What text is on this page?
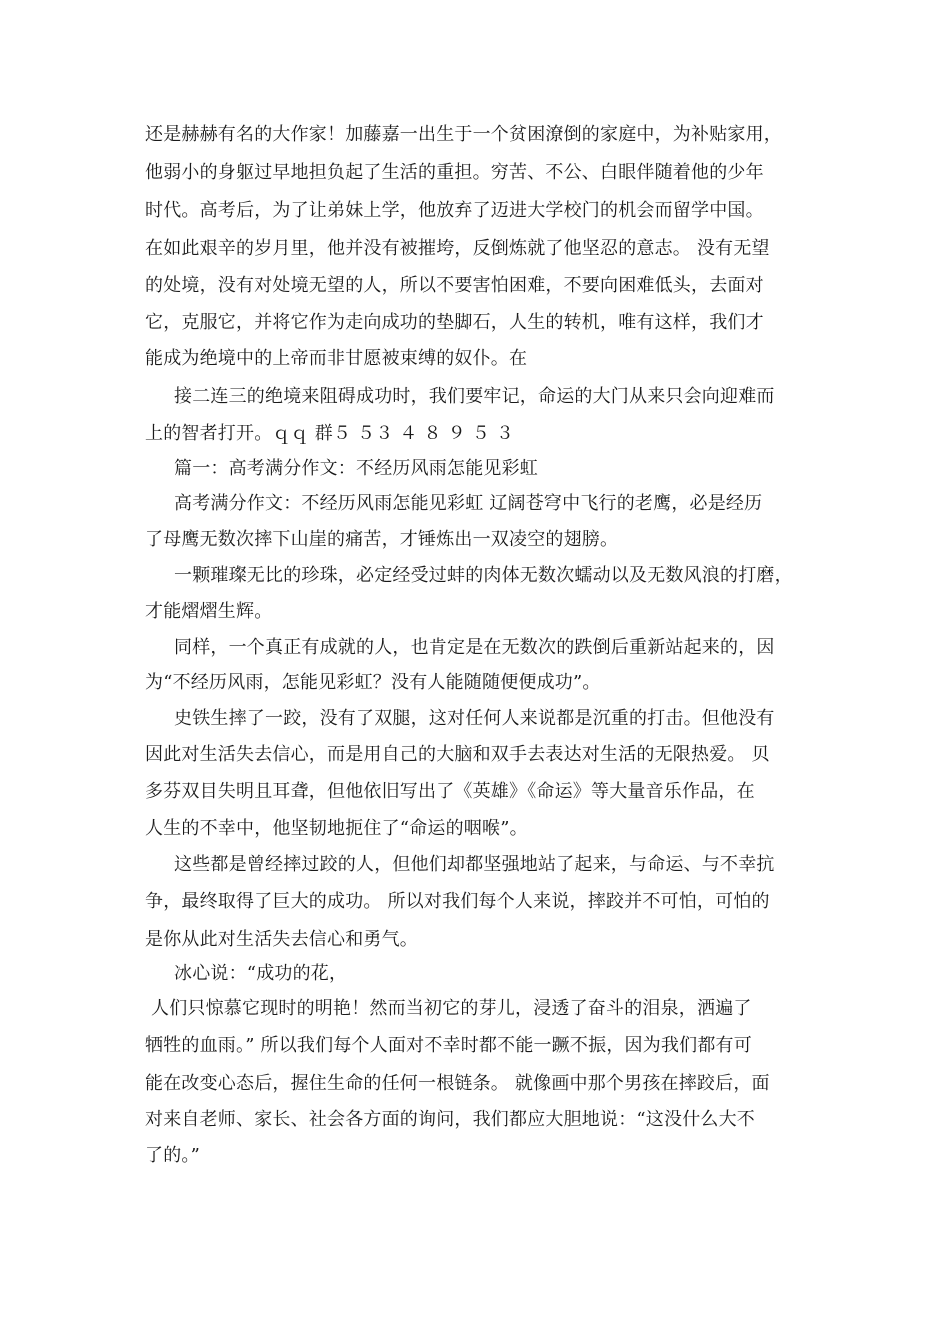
还是赫赫有名的大作家！加藤嘉一出生于一个贫困潦倒的家庭中，为补贴家用，
他弱小的身躯过早地担负起了生活的重担。穷苦、不公、白眼伴随着他的少年
时代。高考后，为了让弟妹上学，他放弃了迈进大学校门的机会而留学中国。
在如此艰辛的岁月里，他并没有被摧垮，反倒炼就了他坚忍的意志。 没有无望
的处境，没有对处境无望的人，所以不要害怕困难，不要向困难低头，去面对
它，克服它，并将它作为走向成功的垫脚石，人生的转机，唯有这样，我们才
能成为绝境中的上帝而非甘愿被束缚的奴仆。在
接二连三的绝境来阻碍成功时，我们要牢记，命运的大门从来只会向迎难而
上的智者打开。ｑｑ 群５ ５３ ４ ８ ９ ５ ３
篇一：高考满分作文：不经历风雨怎能见彩虹
高考满分作文：不经历风雨怎能见彩虹 辽阔苍穹中飞行的老鹰，必是经历
了母鹰无数次摔下山崖的痛苦，才锤炼出一双凌空的翅膀。
一颗璀璨无比的珍珠，必定经受过蚌的肉体无数次蠕动以及无数风浪的打磨，
才能熠熠生辉。
同样，一个真正有成就的人，也肯定是在无数次的跌倒后重新站起来的，因
为“不经历风雨，怎能见彩虹？没有人能随随便便成功”。
史铁生摔了一跤，没有了双腿，这对任何人来说都是沉重的打击。但他没有
因此对生活失去信心，而是用自己的大脑和双手去表达对生活的无限热爱。 贝
多芬双目失明且耳聋，但他依旧写出了《英雄》《命运》等大量音乐作品，在
人生的不幸中，他坚韧地扼住了“命运的咽喉”。
这些都是曾经摔过跤的人，但他们却都坚强地站了起来，与命运、与不幸抗
争，最终取得了巨大的成功。 所以对我们每个人来说，摔跤并不可怕，可怕的
是你从此对生活失去信心和勇气。
冰心说：“成功的花，
人们只惊慕它现时的明艳！然而当初它的芽儿，浸透了奋斗的泪泉，洒遍了
牺牲的血雨。” 所以我们每个人面对不幸时都不能一蹶不振，因为我们都有可
能在改变心态后，握住生命的任何一根链条。 就像画中那个男孩在摔跤后，面
对来自老师、家长、社会各方面的询问，我们都应大胆地说：“这没什么大不
了的。”
